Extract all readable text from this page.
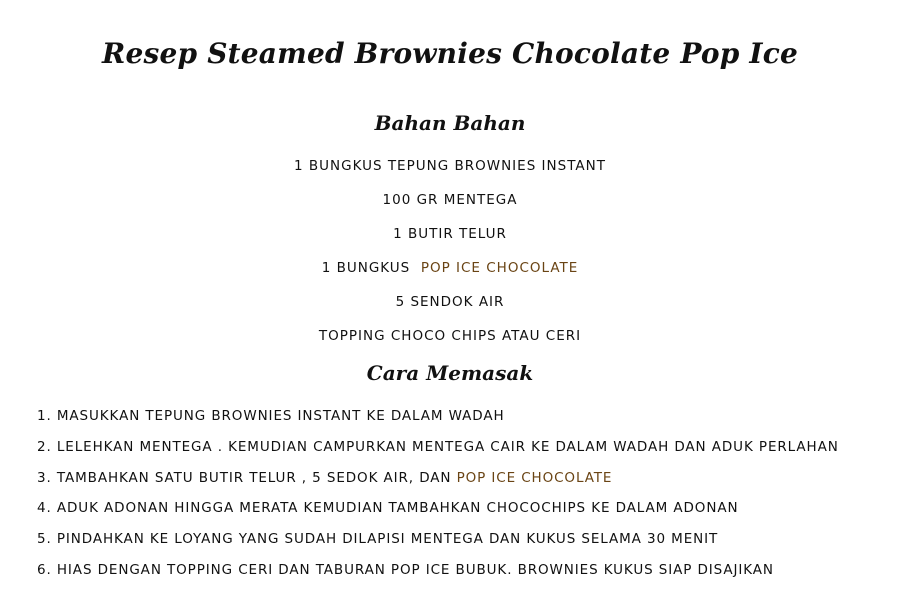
Resep Steamed Brownies Chocolate Pop Ice
Bahan Bahan
1 BUNGKUS TEPUNG BROWNIES INSTANT
100 GR MENTEGA
1 BUTIR TELUR
1 BUNGKUS  POP ICE CHOCOLATE
5 SENDOK AIR
TOPPING CHOCO CHIPS ATAU CERI
Cara Memasak
1. MASUKKAN TEPUNG BROWNIES INSTANT KE DALAM WADAH
2. LELEHKAN MENTEGA . KEMUDIAN CAMPURKAN MENTEGA CAIR KE DALAM WADAH DAN ADUK PERLAHAN
3. TAMBAHKAN SATU BUTIR TELUR , 5 SEDOK AIR, DAN POP ICE CHOCOLATE
4. ADUK ADONAN HINGGA MERATA KEMUDIAN TAMBAHKAN CHOCOCHIPS KE DALAM ADONAN
5. PINDAHKAN KE LOYANG YANG SUDAH DILAPISI MENTEGA DAN KUKUS SELAMA 30 MENIT
6. HIAS DENGAN TOPPING CERI DAN TABURAN POP ICE BUBUK. BROWNIES KUKUS SIAP DISAJIKAN
